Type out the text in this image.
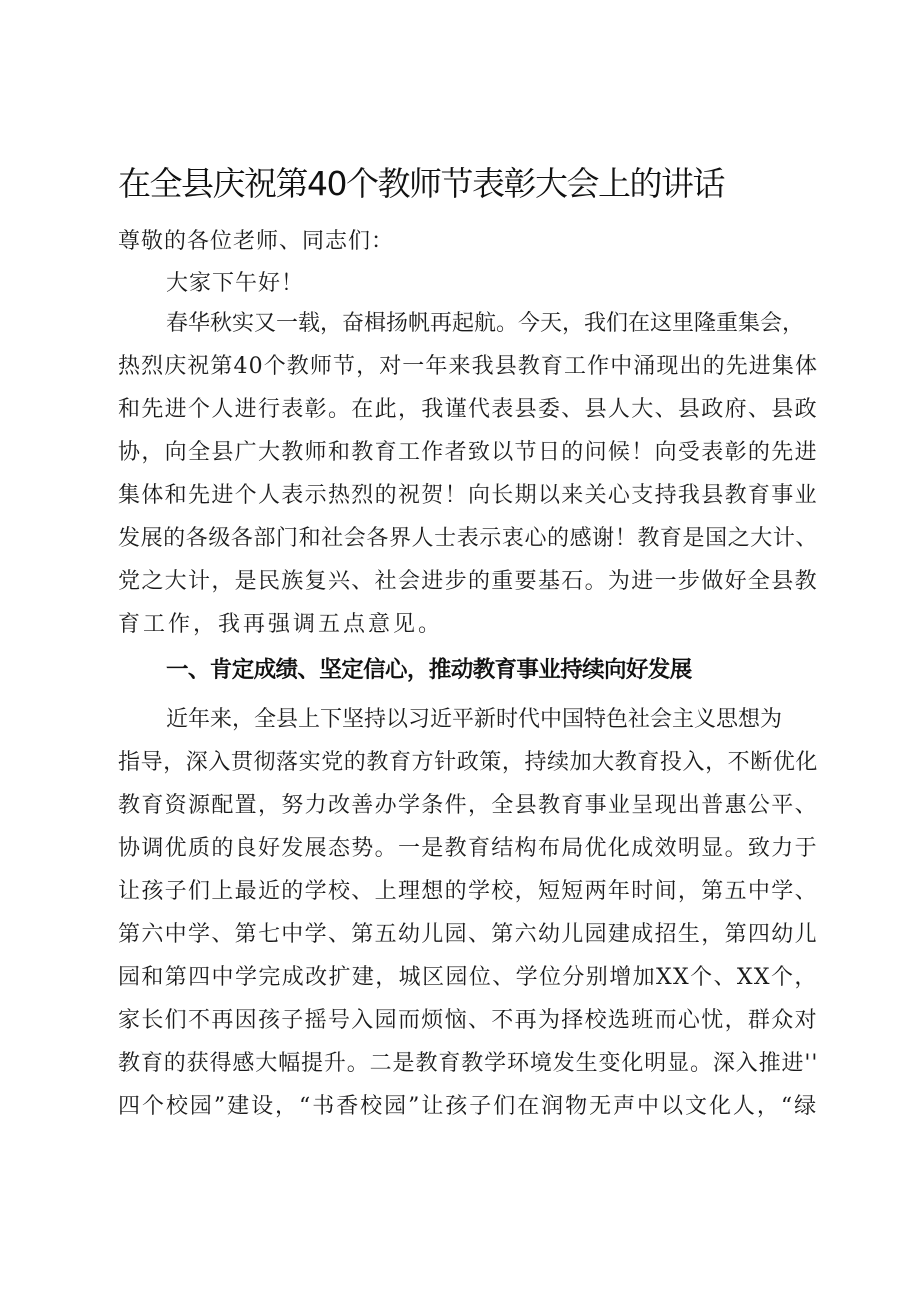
在全县庆祝第40个教师节表彰大会上的讲话

尊敬的各位老师、同志们：

大家下午好！

春华秋实又一载，奋楫扬帆再起航。今天，我们在这里隆重集会，
热烈庆祝第40个教师节，对一年来我县教育工作中涌现出的先进集体
和先进个人进行表彰。在此，我谨代表县委、县人大、县政府、县政
协，向全县广大教师和教育工作者致以节日的问候！向受表彰的先进
集体和先进个人表示热烈的祝贺！向长期以来关心支持我县教育事业
发展的各级各部门和社会各界人士表示衷心的感谢！教育是国之大计、
党之大计，是民族复兴、社会进步的重要基石。为进一步做好全县教
育工作，我再强调五点意见。
一、肯定成绩、坚定信心，推动教育事业持续向好发展
近年来，全县上下坚持以习近平新时代中国特色社会主义思想为
指导，深入贯彻落实党的教育方针政策，持续加大教育投入，不断优化
教育资源配置，努力改善办学条件，全县教育事业呈现出普惠公平、
协调优质的良好发展态势。一是教育结构布局优化成效明显。致力于
让孩子们上最近的学校、上理想的学校，短短两年时间，第五中学、
第六中学、第七中学、第五幼儿园、第六幼儿园建成招生，第四幼儿
园和第四中学完成改扩建，城区园位、学位分别增加XX个、XX个，
家长们不再因孩子摇号入园而烦恼、不再为择校选班而心忧，群众对
教育的获得感大幅提升。二是教育教学环境发生变化明显。深入推进''
四个校园”建设，“书香校园”让孩子们在润物无声中以文化人，“绿
